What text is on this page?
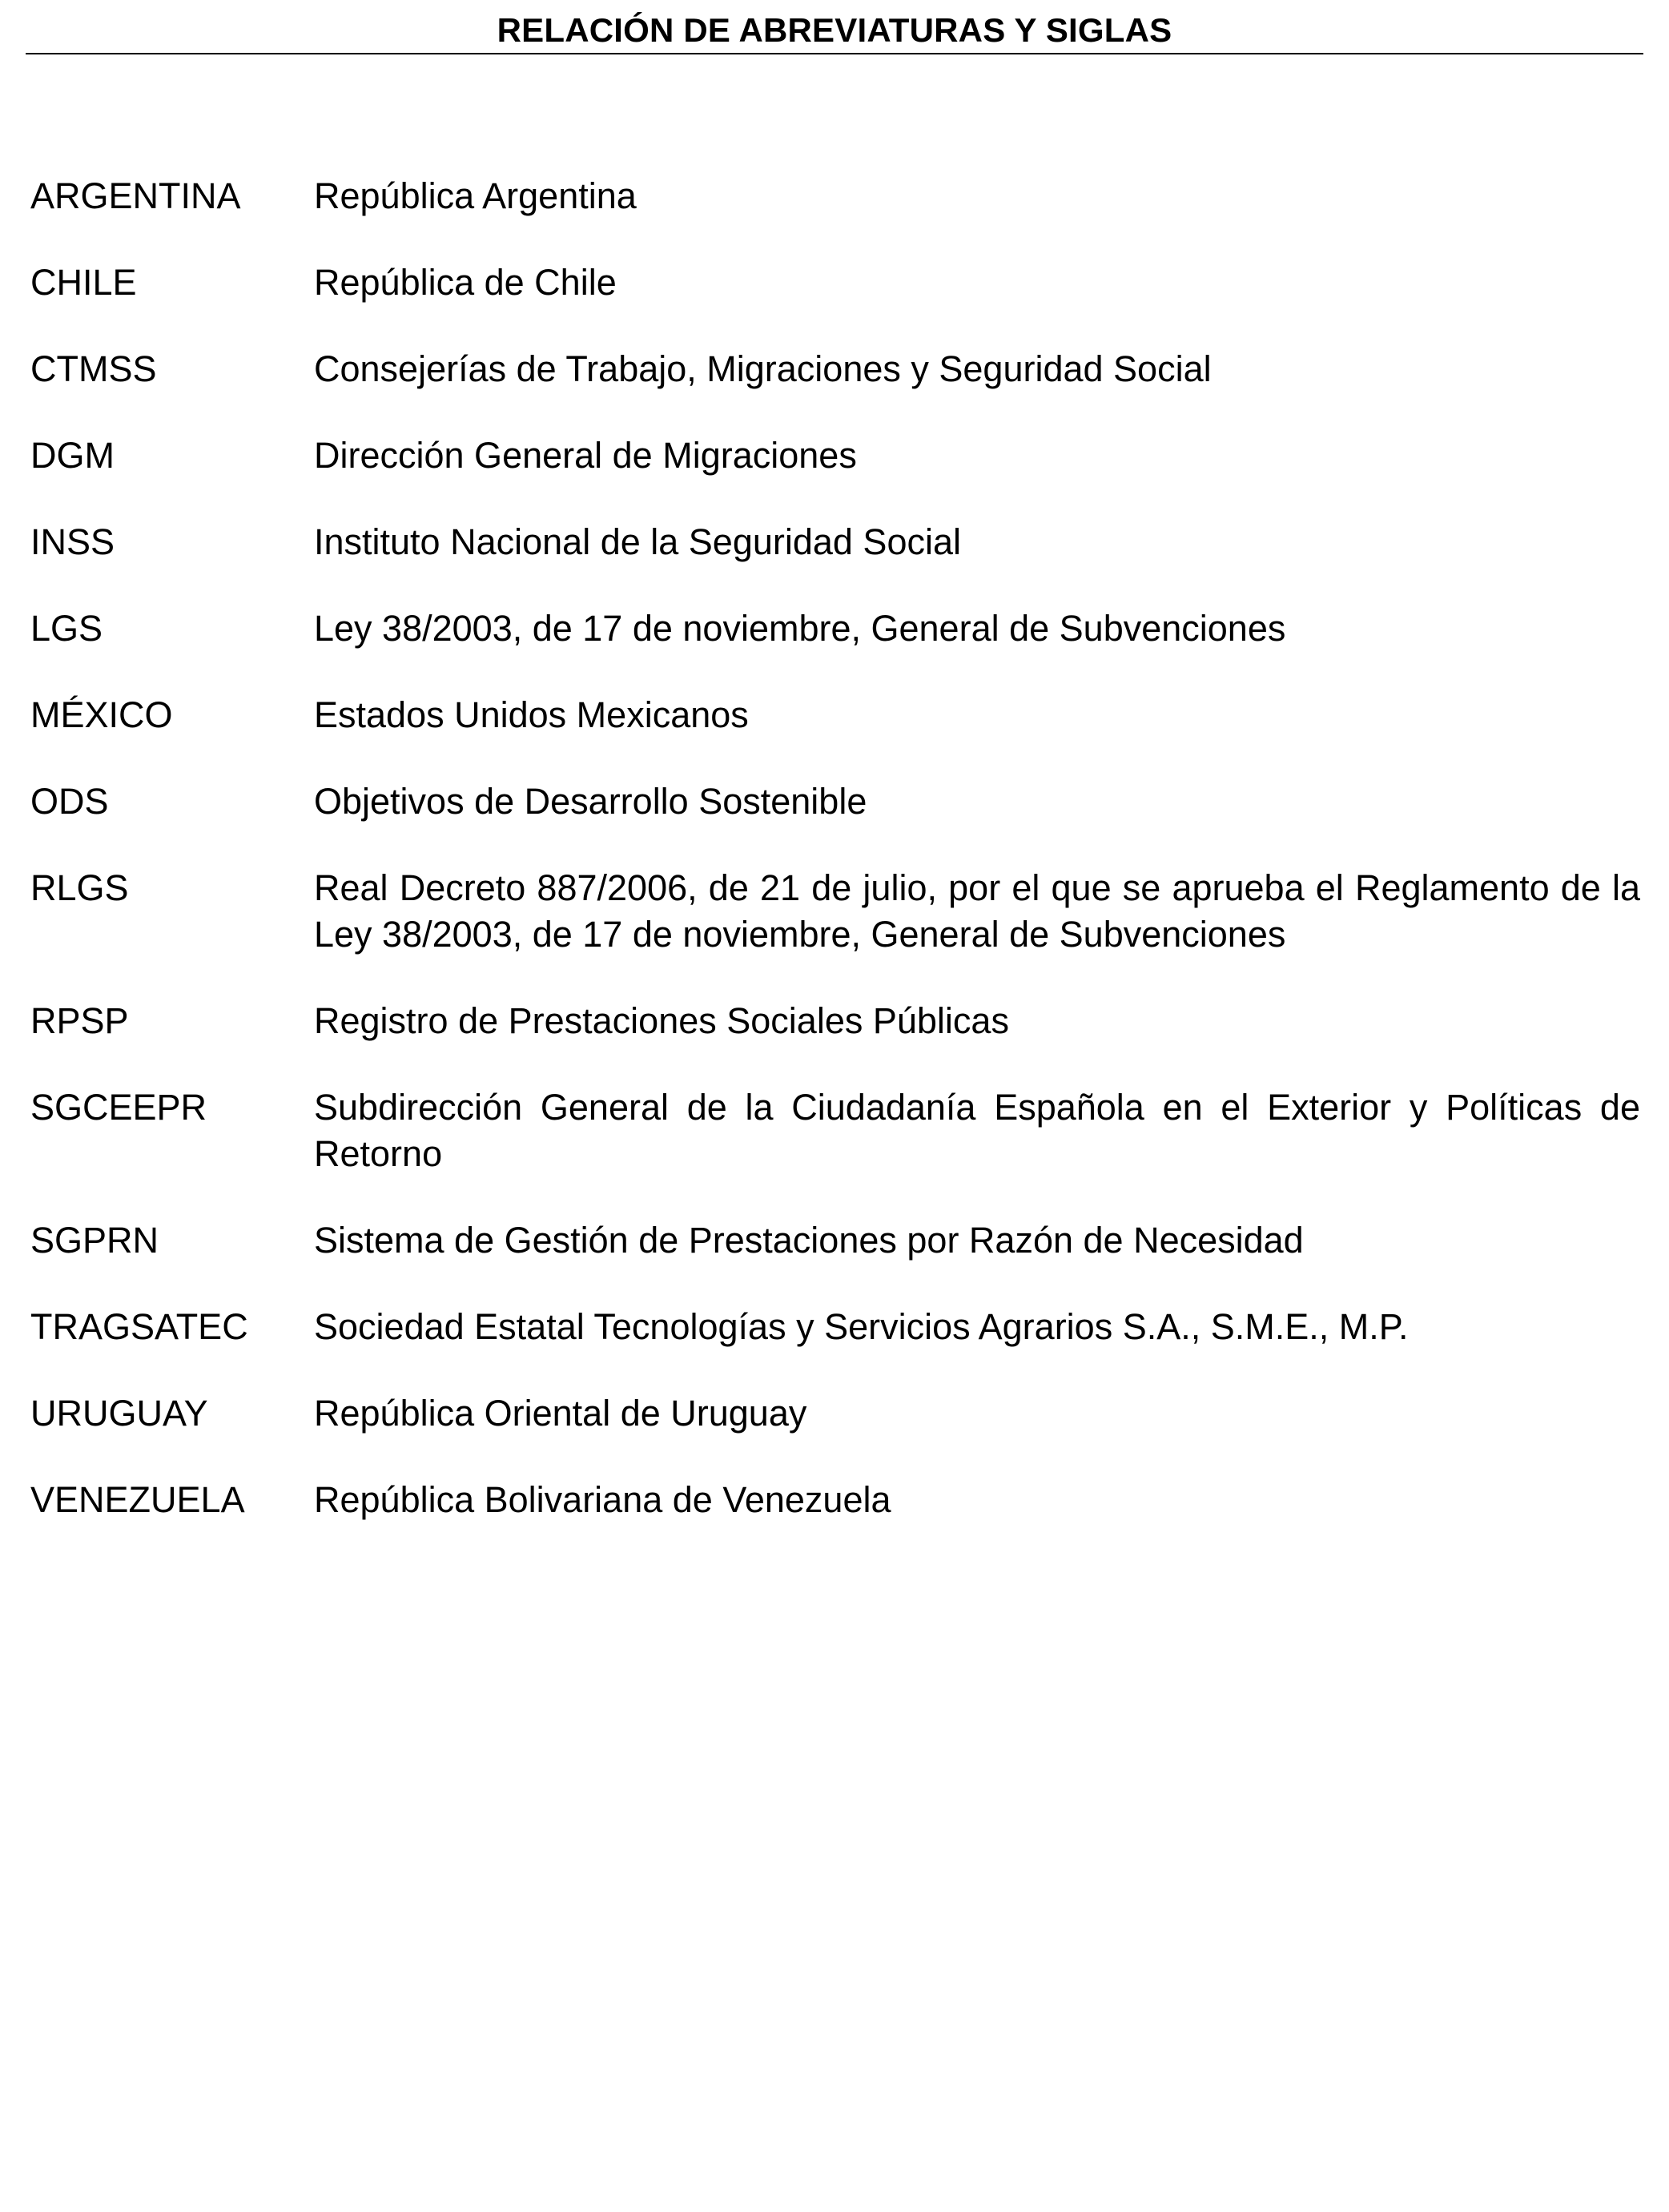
RELACIÓN DE ABREVIATURAS Y SIGLAS
ARGENTINA	República Argentina
CHILE	República de Chile
CTMSS	Consejerías de Trabajo, Migraciones y Seguridad Social
DGM	Dirección General de Migraciones
INSS	Instituto Nacional de la Seguridad Social
LGS	Ley 38/2003, de 17 de noviembre, General de Subvenciones
MÉXICO	Estados Unidos Mexicanos
ODS	Objetivos de Desarrollo Sostenible
RLGS	Real Decreto 887/2006, de 21 de julio, por el que se aprueba el Reglamento de la Ley 38/2003, de 17 de noviembre, General de Subvenciones
RPSP	Registro de Prestaciones Sociales Públicas
SGCEEPR	Subdirección General de la Ciudadanía Española en el Exterior y Políticas de Retorno
SGPRN	Sistema de Gestión de Prestaciones por Razón de Necesidad
TRAGSATEC	Sociedad Estatal Tecnologías y Servicios Agrarios S.A., S.M.E., M.P.
URUGUAY	República Oriental de Uruguay
VENEZUELA	República Bolivariana de Venezuela
